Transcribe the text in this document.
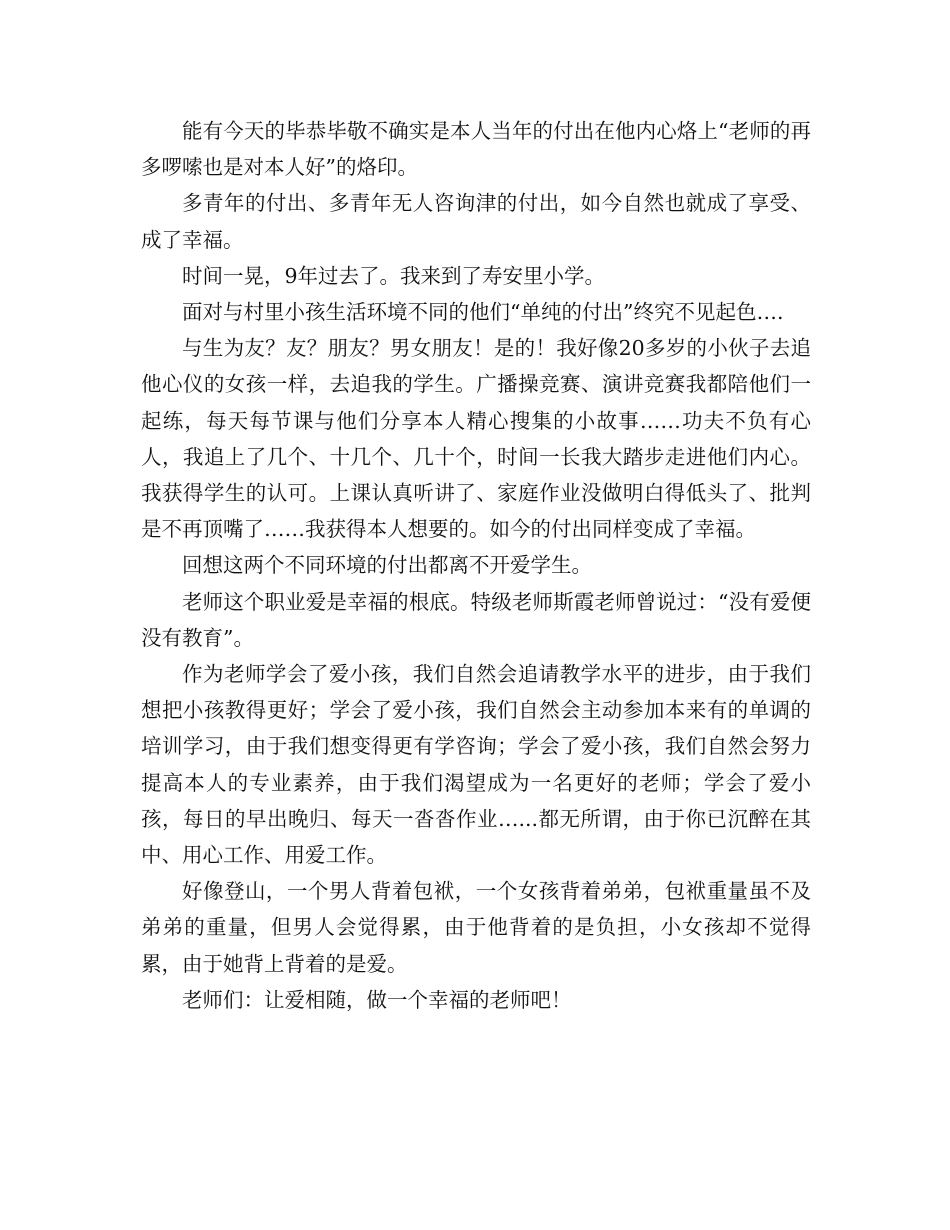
能有今天的毕恭毕敬不确实是本人当年的付出在他内心烙上“老师的再多啰嗦也是对本人好”的烙印。

多青年的付出、多青年无人咨询津的付出，如今自然也就成了享受、成了幸福。

时间一晃，9年过去了。我来到了寿安里小学。

面对与村里小孩生活环境不同的他们“单纯的付出”终究不见起色….

与生为友？友？朋友？男女朋友！是的！我好像20多岁的小伙子去追他心仪的女孩一样，去追我的学生。广播操竞赛、演讲竞赛我都陪他们一起练，每天每节课与他们分享本人精心搜集的小故事……功夫不负有心人，我追上了几个、十几个、几十个，时间一长我大踏步走进他们内心。我获得学生的认可。上课认真听讲了、家庭作业没做明白得低头了、批判是不再顶嘴了……我获得本人想要的。如今的付出同样变成了幸福。

回想这两个不同环境的付出都离不开爱学生。

老师这个职业爱是幸福的根底。特级老师斯霞老师曾说过：“没有爱便没有教育”。

作为老师学会了爱小孩，我们自然会追请教学水平的进步，由于我们想把小孩教得更好；学会了爱小孩，我们自然会主动参加本来有的单调的培训学习，由于我们想变得更有学咨询；学会了爱小孩，我们自然会努力提高本人的专业素养，由于我们渴望成为一名更好的老师；学会了爱小孩，每日的早出晚归、每天一沓沓作业…...都无所谓，由于你已沉醉在其中、用心工作、用爱工作。

好像登山，一个男人背着包袱，一个女孩背着弟弟，包袱重量虽不及弟弟的重量，但男人会觉得累，由于他背着的是负担，小女孩却不觉得累，由于她背上背着的是爱。

老师们：让爱相随，做一个幸福的老师吧！
